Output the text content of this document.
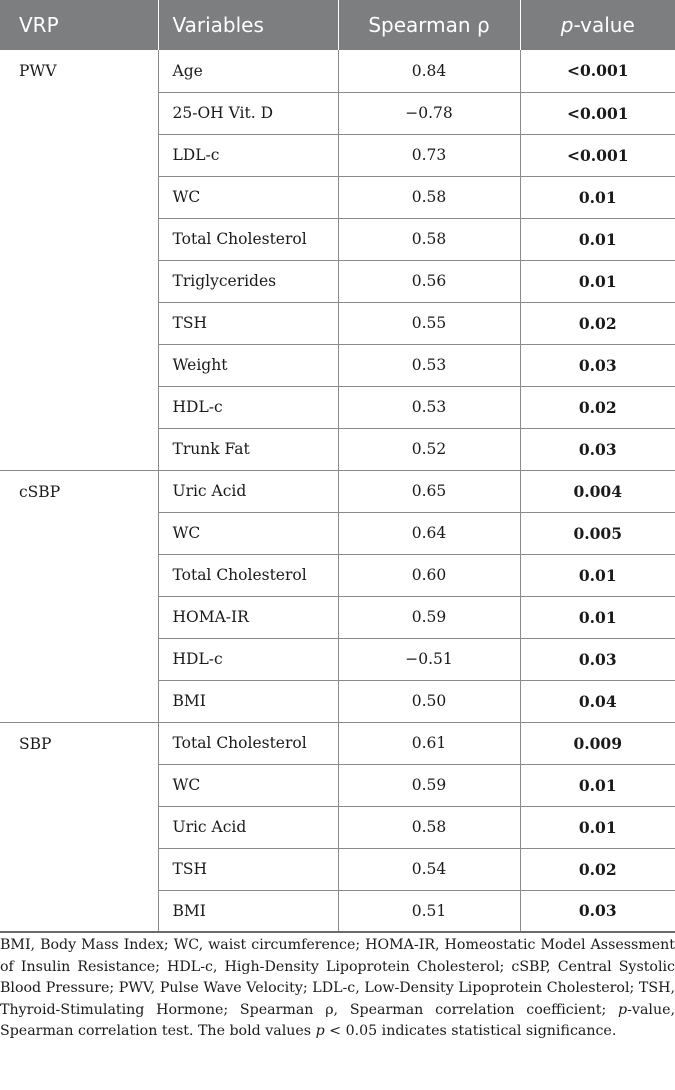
VRP	Variables	Spearman ρ	p-value
PWV	Age	0.84	<0.001
	25-OH Vit. D	−0.78	<0.001
	LDL-c	0.73	<0.001
	WC	0.58	0.01
	Total Cholesterol	0.58	0.01
	Triglycerides	0.56	0.01
	TSH	0.55	0.02
	Weight	0.53	0.03
	HDL-c	0.53	0.02
	Trunk Fat	0.52	0.03
cSBP	Uric Acid	0.65	0.004
	WC	0.64	0.005
	Total Cholesterol	0.60	0.01
	HOMA-IR	0.59	0.01
	HDL-c	−0.51	0.03
	BMI	0.50	0.04
SBP	Total Cholesterol	0.61	0.009
	WC	0.59	0.01
	Uric Acid	0.58	0.01
	TSH	0.54	0.02
	BMI	0.51	0.03

BMI, Body Mass Index; WC, waist circumference; HOMA-IR, Homeostatic Model Assessment of Insulin Resistance; HDL-c, High-Density Lipoprotein Cholesterol; cSBP, Central Systolic Blood Pressure; PWV, Pulse Wave Velocity; LDL-c, Low-Density Lipoprotein Cholesterol; TSH, Thyroid-Stimulating Hormone; Spearman ρ, Spearman correlation coefficient; p-value, Spearman correlation test. The bold values p < 0.05 indicates statistical significance.
